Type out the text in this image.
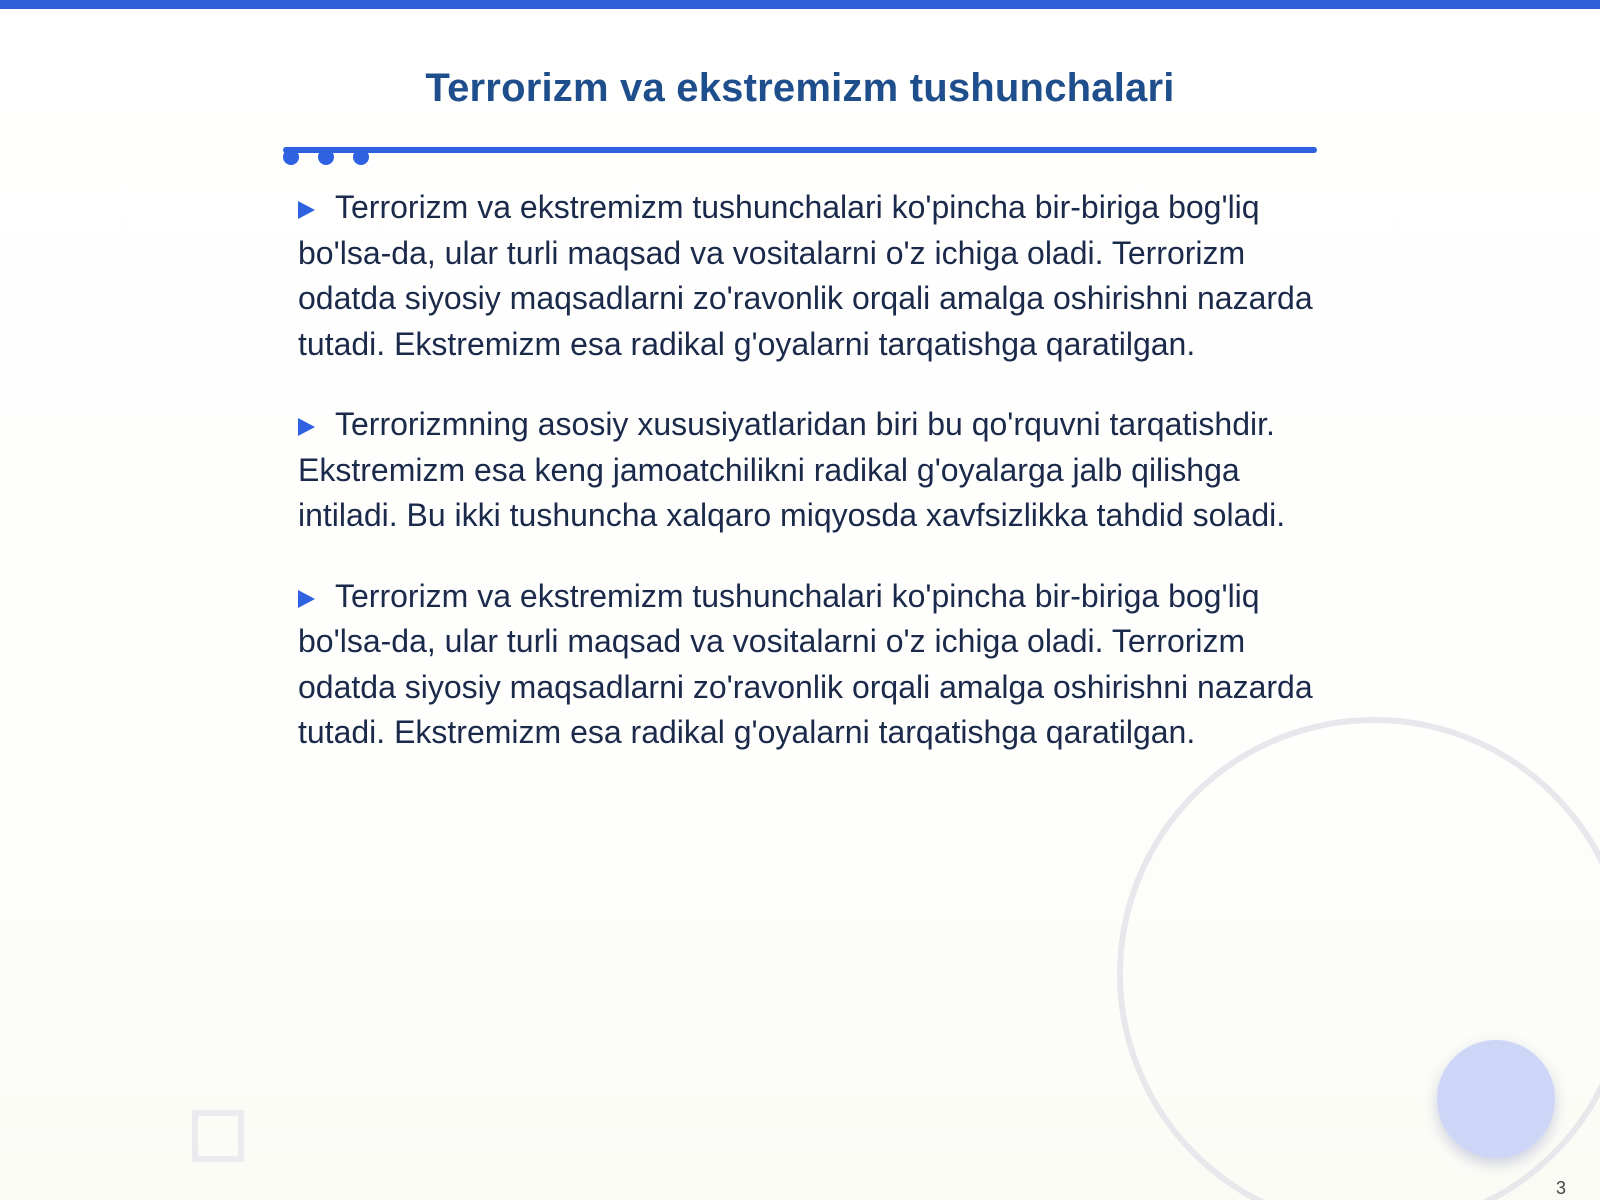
Terrorizm va ekstremizm tushunchalari

Terrorizm va ekstremizm tushunchalari ko'pincha bir-biriga bog'liq bo'lsa-da, ular turli maqsad va vositalarni o'z ichiga oladi. Terrorizm odatda siyosiy maqsadlarni zo'ravonlik orqali amalga oshirishni nazarda tutadi. Ekstremizm esa radikal g'oyalarni tarqatishga qaratilgan.

Terrorizmning asosiy xususiyatlaridan biri bu qo'rquvni tarqatishdir. Ekstremizm esa keng jamoatchilikni radikal g'oyalarga jalb qilishga intiladi. Bu ikki tushuncha xalqaro miqyosda xavfsizlikka tahdid soladi.

Terrorizm va ekstremizm tushunchalari ko'pincha bir-biriga bog'liq bo'lsa-da, ular turli maqsad va vositalarni o'z ichiga oladi. Terrorizm odatda siyosiy maqsadlarni zo'ravonlik orqali amalga oshirishni nazarda tutadi. Ekstremizm esa radikal g'oyalarni tarqatishga qaratilgan.

3
